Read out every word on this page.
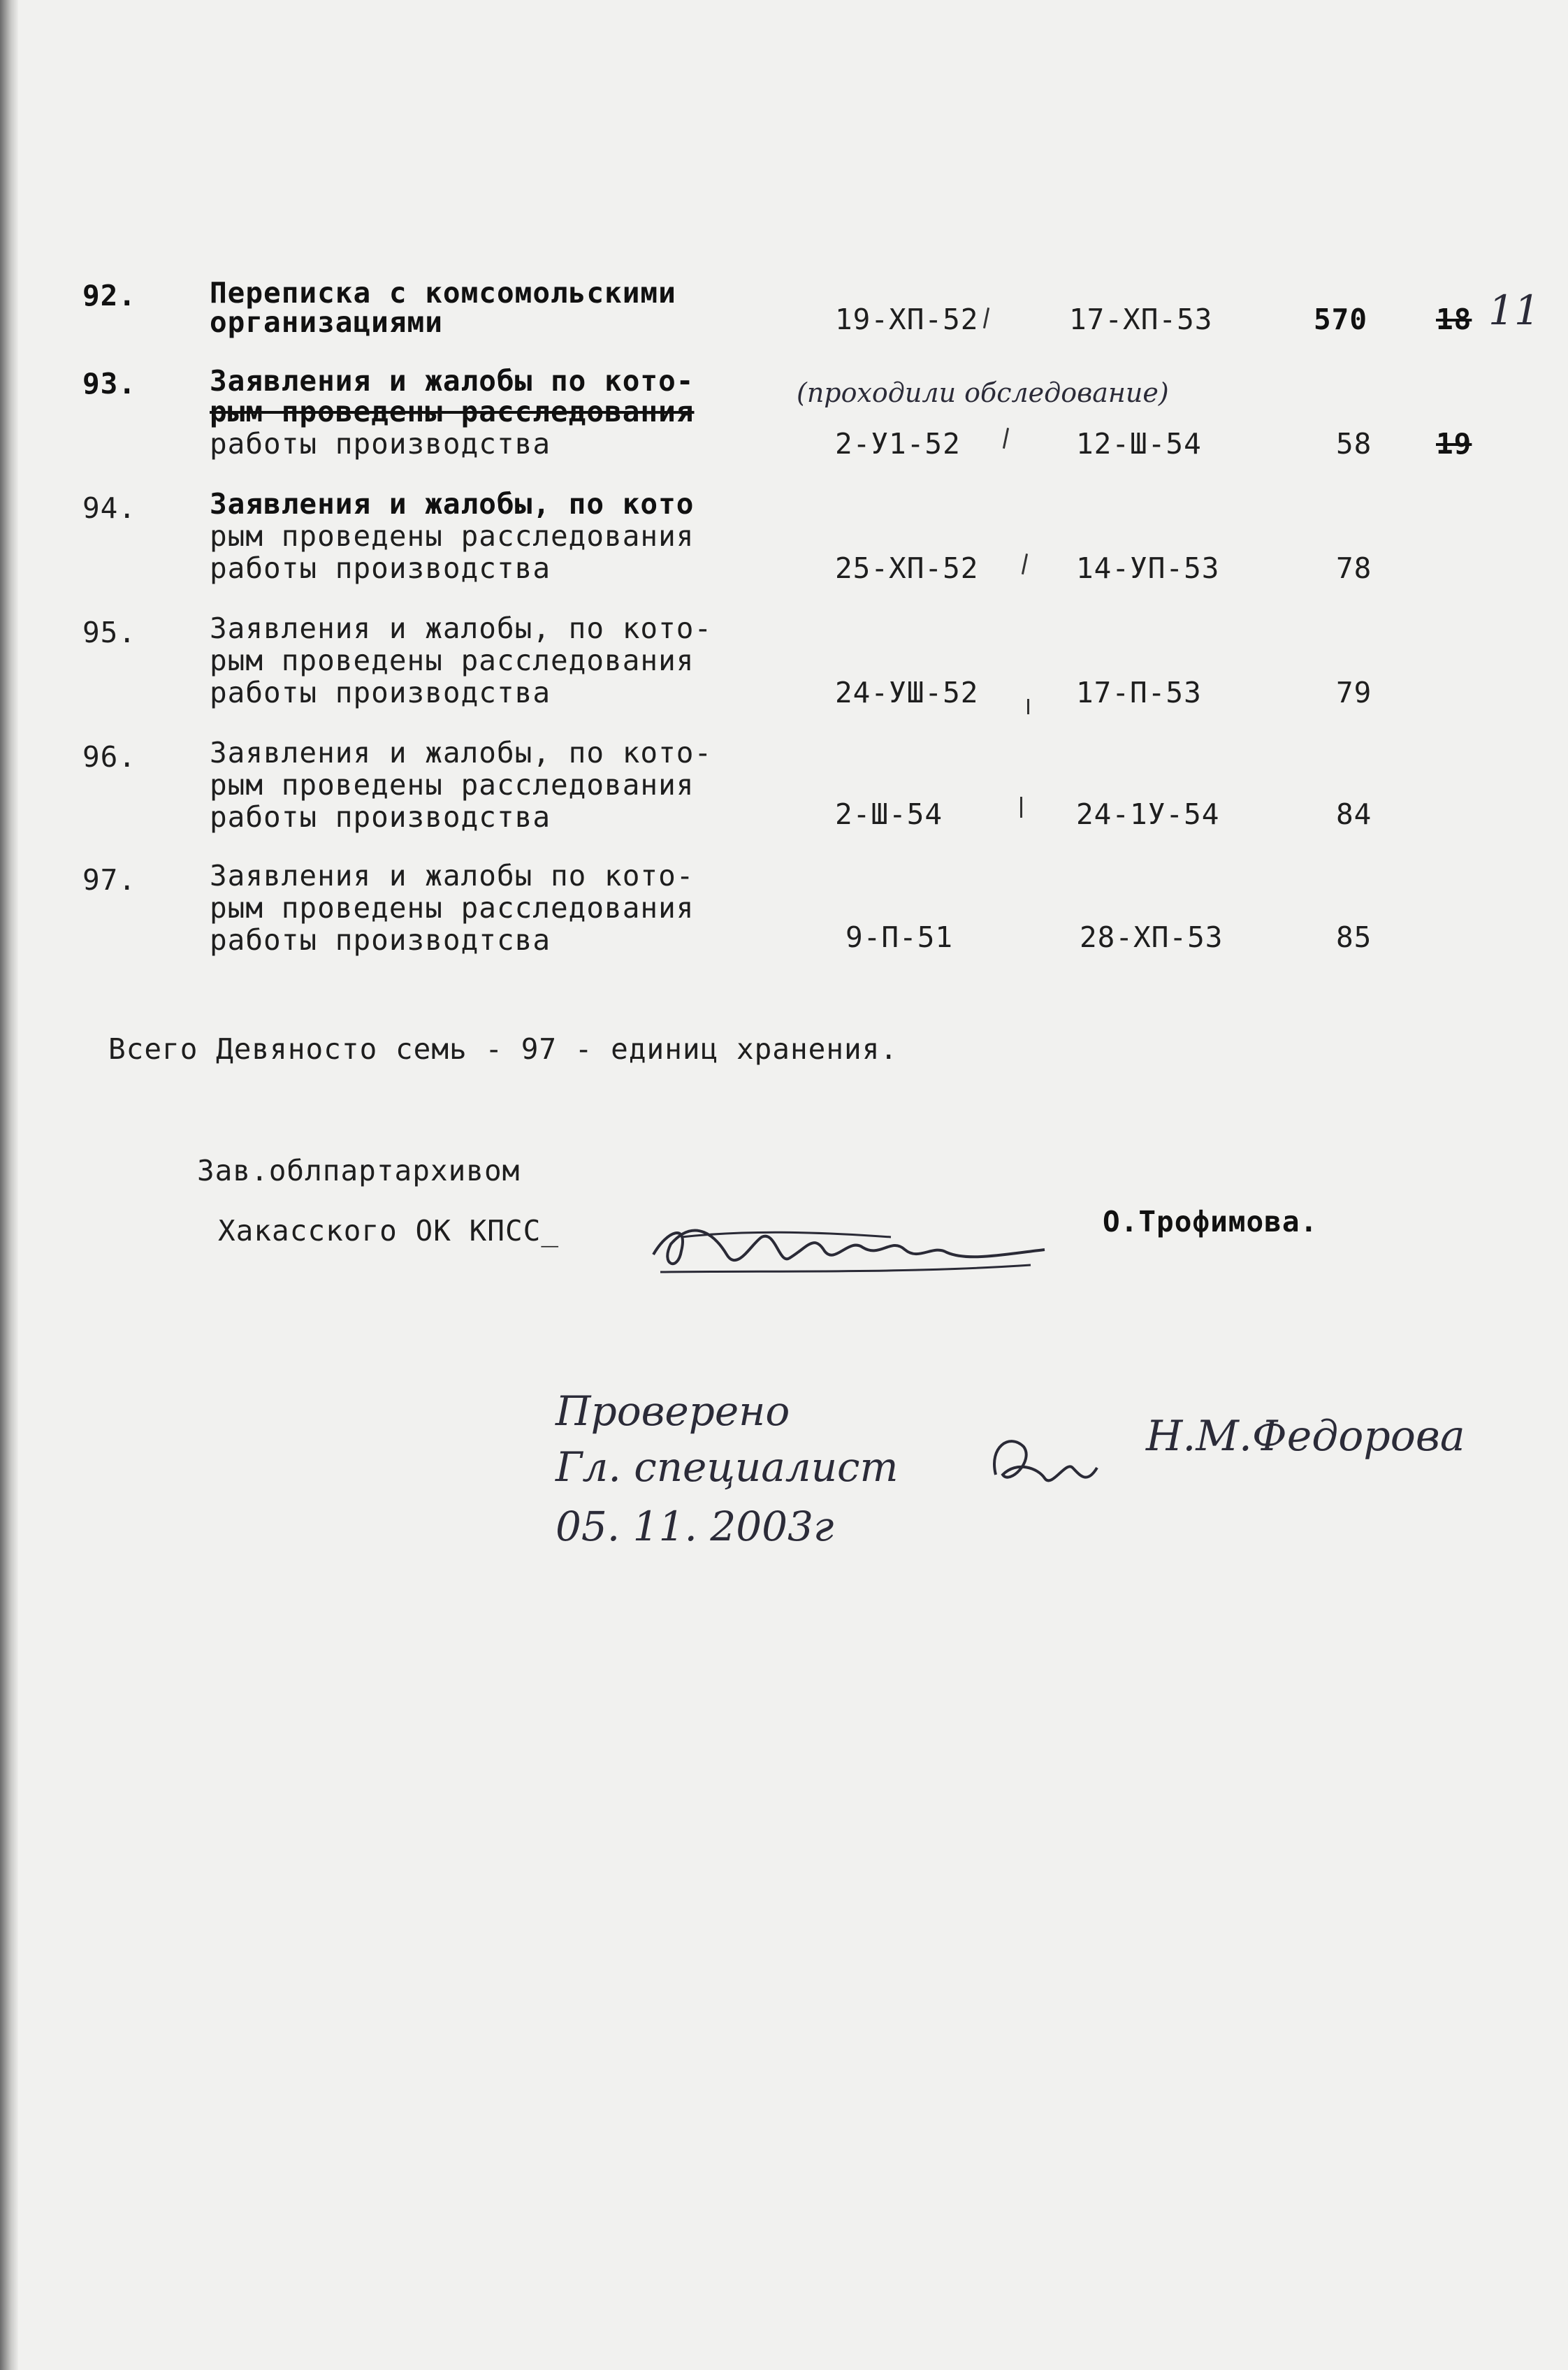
92.	Переписка с комсомольскими
организациями	19-ХП-52	17-ХП-53	570 18 11
93.	Заявления и жалобы по кото-
рым проведены расследования
работы производства
(проходили обследование)
2-У1-52	12-Ш-54	58 19
94.	Заявления и жалобы, по кото
рым проведены расследования
работы производства	25-ХП-52	14-УП-53	78
95.	Заявления и жалобы, по кото-
рым проведены расследования
работы производства	24-УШ-52	17-П-53	79
96.	Заявления и жалобы, по кото-
рым проведены расследования
работы производства	2-Ш-54	24-1У-54	84
97.	Заявления и жалобы по кото-
рым проведены расследования
работы производтсва	9-П-51	28-ХП-53	85
Всего Девяносто семь - 97 - единиц хранения.
Зав.облпартархивом
Хакасского ОК КПСС_	О.Трофимова.
Проверено
Гл. специалист
Н.М.Федорова
05. 11. 2003г
